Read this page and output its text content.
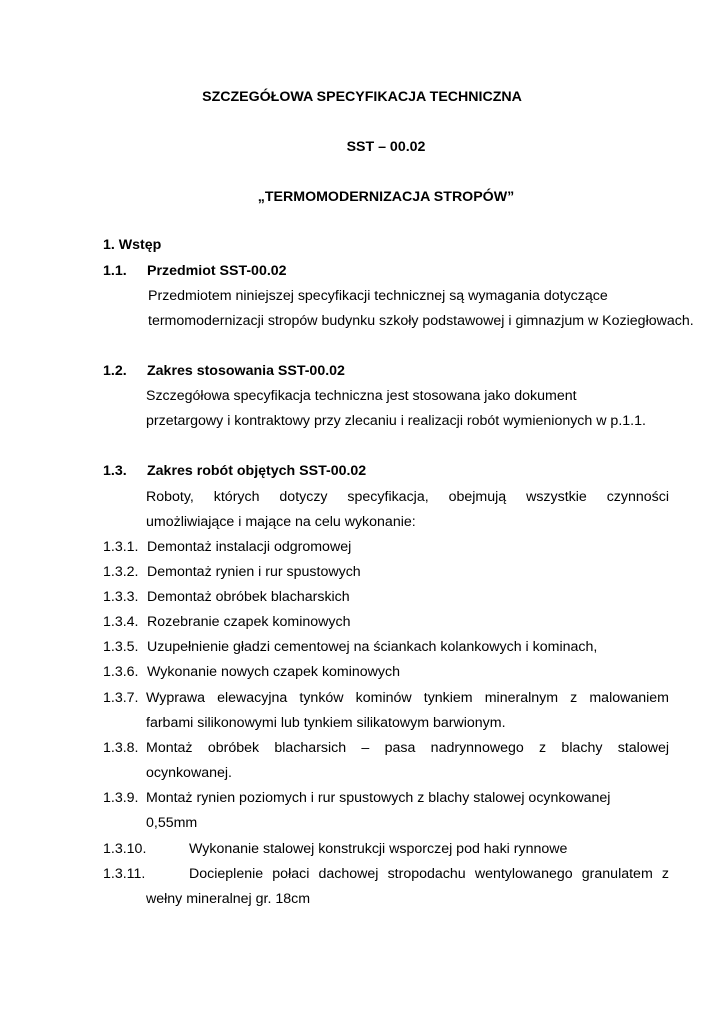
SZCZEGÓŁOWA SPECYFIKACJA TECHNICZNA
SST – 00.02
„TERMOMODERNIZACJA STROPÓW”
1. Wstęp
1.1. Przedmiot SST-00.02
Przedmiotem niniejszej specyfikacji technicznej są wymagania dotyczące
termomodernizacji stropów budynku szkoły podstawowej i gimnazjum w Koziegłowach.
1.2. Zakres stosowania SST-00.02
Szczegółowa specyfikacja techniczna jest stosowana jako dokument
przetargowy i kontraktowy przy zlecaniu i realizacji robót wymienionych w p.1.1.
1.3. Zakres robót objętych SST-00.02
Roboty, których dotyczy specyfikacja, obejmują wszystkie czynności
umożliwiające i mające na celu wykonanie:
1.3.1. Demontaż instalacji odgromowej
1.3.2. Demontaż rynien i rur spustowych
1.3.3. Demontaż obróbek blacharskich
1.3.4. Rozebranie czapek kominowych
1.3.5. Uzupełnienie gładzi cementowej na ściankach kolankowych i kominach,
1.3.6. Wykonanie nowych czapek kominowych
1.3.7. Wyprawa elewacyjna tynków kominów tynkiem mineralnym z malowaniem
farbami silikonowymi lub tynkiem silikatowym barwionym.
1.3.8. Montaż obróbek blacharsich – pasa nadrynnowego z blachy stalowej
ocynkowanej.
1.3.9. Montaż rynien poziomych i rur spustowych z blachy stalowej ocynkowanej
0,55mm
1.3.10.	Wykonanie stalowej konstrukcji wsporczej pod haki rynnowe
1.3.11.	Docieplenie połaci dachowej stropodachu wentylowanego granulatem z
wełny mineralnej gr. 18cm
